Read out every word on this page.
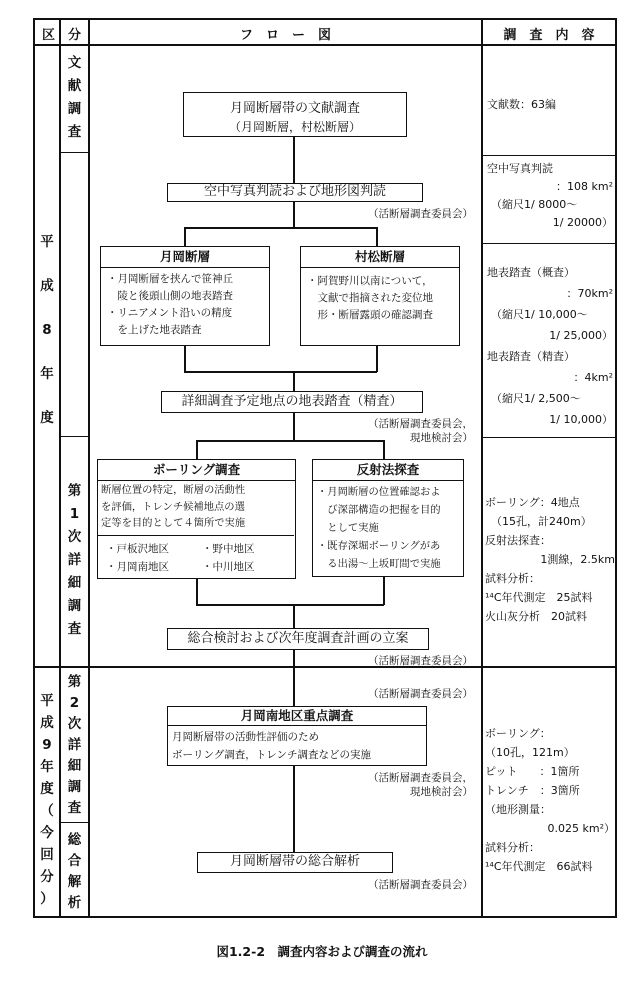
区　分	フ　ロ　ー　図	調　査　内　容
平
成
8
年
度
平
成
9
年
度
（
今
回
分
）
文
献
調
査
第
1
次
詳
細
調
査
第
2
次
詳
細
調
査
総
合
解
析
月岡断層帯の文献調査
（月岡断層，村松断層）
空中写真判読および地形図判読
（活断層調査委員会）
月岡断層
・月岡断層を挟んで笹神丘
　陵と後頭山側の地表踏査
・リニアメント沿いの精度
　を上げた地表踏査
村松断層
・阿賀野川以南について，
　文献で指摘された変位地
　形・断層露頭の確認調査
詳細調査予定地点の地表踏査（精査）
（活断層調査委員会，
現地検討会）
ボーリング調査
断層位置の特定，断層の活動性
を評価，トレンチ候補地点の選
定等を目的として４箇所で実施
・戸板沢地区
・月岡南地区
・野中地区
・中川地区
反射法探査
・月岡断層の位置確認およ
　び深部構造の把握を目的
　として実施
・既存深堀ボーリングがあ
　る出湯～上坂町間で実施
総合検討および次年度調査計画の立案
（活断層調査委員会）
（活断層調査委員会）
月岡南地区重点調査
月岡断層帯の活動性評価のため
ボーリング調査，トレンチ調査などの実施
（活断層調査委員会，
現地検討会）
月岡断層帯の総合解析
（活断層調査委員会）
文献数：63編
空中写真判読
：108 km²
（縮尺1/ 8000～
1/ 20000）
地表踏査（概査）
：70km²
（縮尺1/ 10,000～
1/ 25,000）
地表踏査（精査）
：4km²
（縮尺1/ 2,500～
1/ 10,000）
ボーリング：4地点
（15孔，計240m）
反射法探査：
1測線，2.5km
試料分析：
¹⁴C年代測定　25試料
火山灰分析　20試料
ボーリング：
（10孔，121m）
ピット　　：1箇所
トレンチ　：3箇所
（地形測量：
0.025 km²）
試料分析：
¹⁴C年代測定　66試料
図1.2-2　調査内容および調査の流れ
